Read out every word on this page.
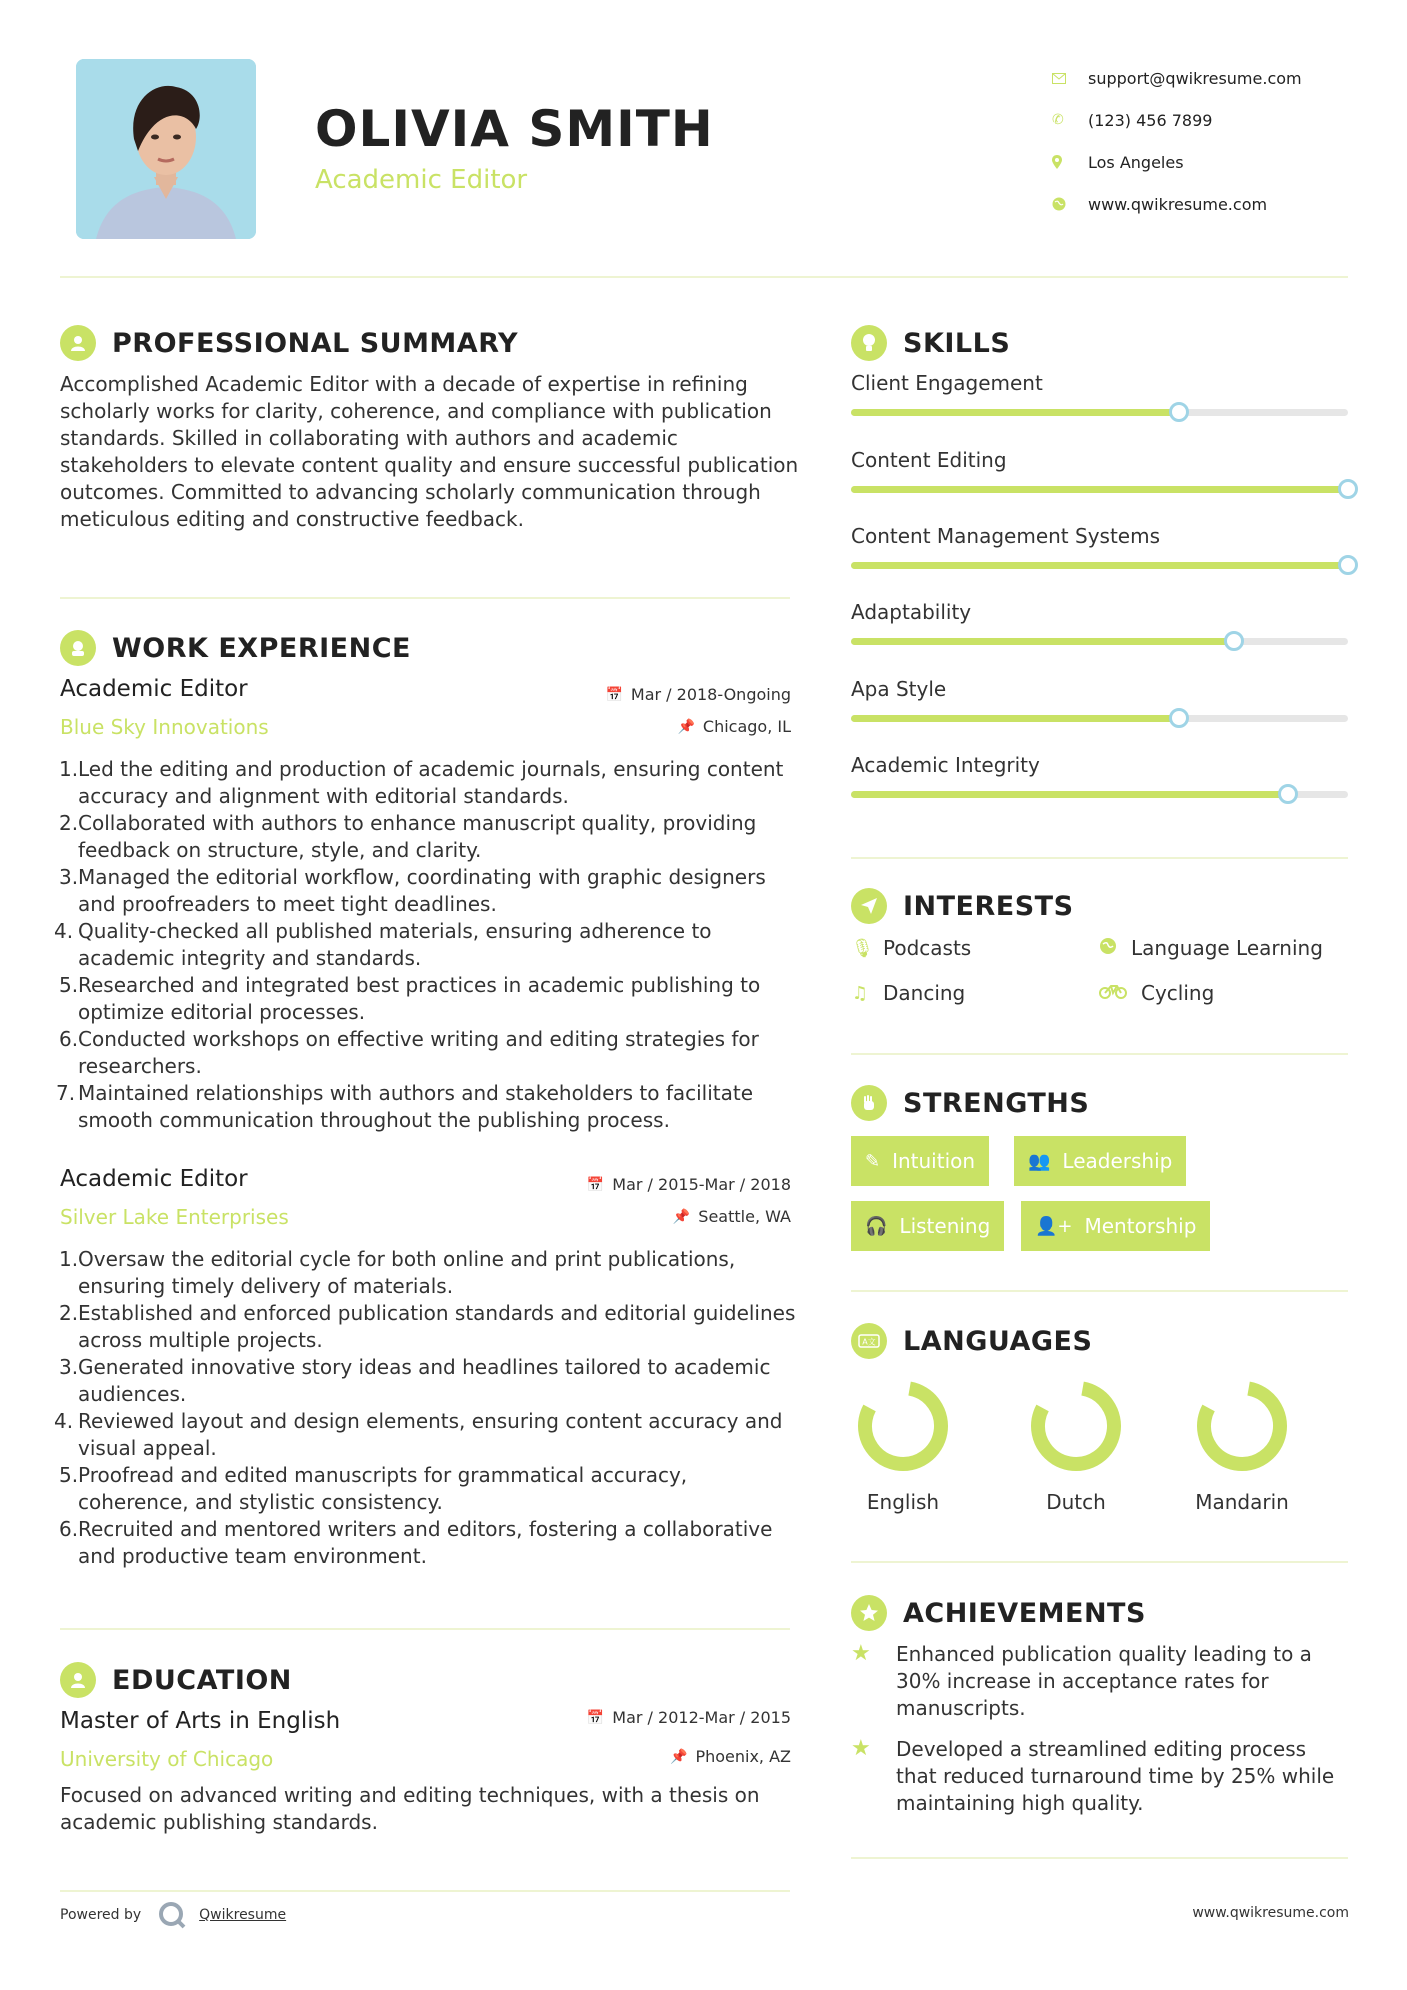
OLIVIA SMITH
Academic Editor
support@qwikresume.com
✆	(123) 456 7899
Los Angeles
www.qwikresume.com
PROFESSIONAL SUMMARY
Accomplished Academic Editor with a decade of expertise in refining scholarly works for clarity, coherence, and compliance with publication standards. Skilled in collaborating with authors and academic stakeholders to elevate content quality and ensure successful publication outcomes. Committed to advancing scholarly communication through meticulous editing and constructive feedback.
WORK EXPERIENCE
Academic Editor
Blue Sky Innovations
📅 Mar / 2018-Ongoing
📌 Chicago, IL
1. Led the editing and production of academic journals, ensuring content accuracy and alignment with editorial standards.
2. Collaborated with authors to enhance manuscript quality, providing feedback on structure, style, and clarity.
3. Managed the editorial workflow, coordinating with graphic designers and proofreaders to meet tight deadlines.
4. Quality-checked all published materials, ensuring adherence to academic integrity and standards.
5. Researched and integrated best practices in academic publishing to optimize editorial processes.
6. Conducted workshops on effective writing and editing strategies for researchers.
7. Maintained relationships with authors and stakeholders to facilitate smooth communication throughout the publishing process.
Academic Editor
Silver Lake Enterprises
📅 Mar / 2015-Mar / 2018
📌 Seattle, WA
1. Oversaw the editorial cycle for both online and print publications, ensuring timely delivery of materials.
2. Established and enforced publication standards and editorial guidelines across multiple projects.
3. Generated innovative story ideas and headlines tailored to academic audiences.
4. Reviewed layout and design elements, ensuring content accuracy and visual appeal.
5. Proofread and edited manuscripts for grammatical accuracy, coherence, and stylistic consistency.
6. Recruited and mentored writers and editors, fostering a collaborative and productive team environment.
EDUCATION
Master of Arts in English
University of Chicago
📅 Mar / 2012-Mar / 2015
📌 Phoenix, AZ
Focused on advanced writing and editing techniques, with a thesis on academic publishing standards.
SKILLS
Client Engagement
Content Editing
Content Management Systems
Adaptability
Apa Style
Academic Integrity
INTERESTS
🎙 Podcasts	Language Learning
♫ Dancing	Cycling
STRENGTHS
✎ Intuition	👥 Leadership
🎧 Listening 👤+ Mentorship
A文 LANGUAGES
English	Dutch	Mandarin
ACHIEVEMENTS
★	Enhanced publication quality leading to a 30% increase in acceptance rates for manuscripts.
★	Developed a streamlined editing process that reduced turnaround time by 25% while maintaining high quality.
Powered by	Qwikresume	www.qwikresume.com
